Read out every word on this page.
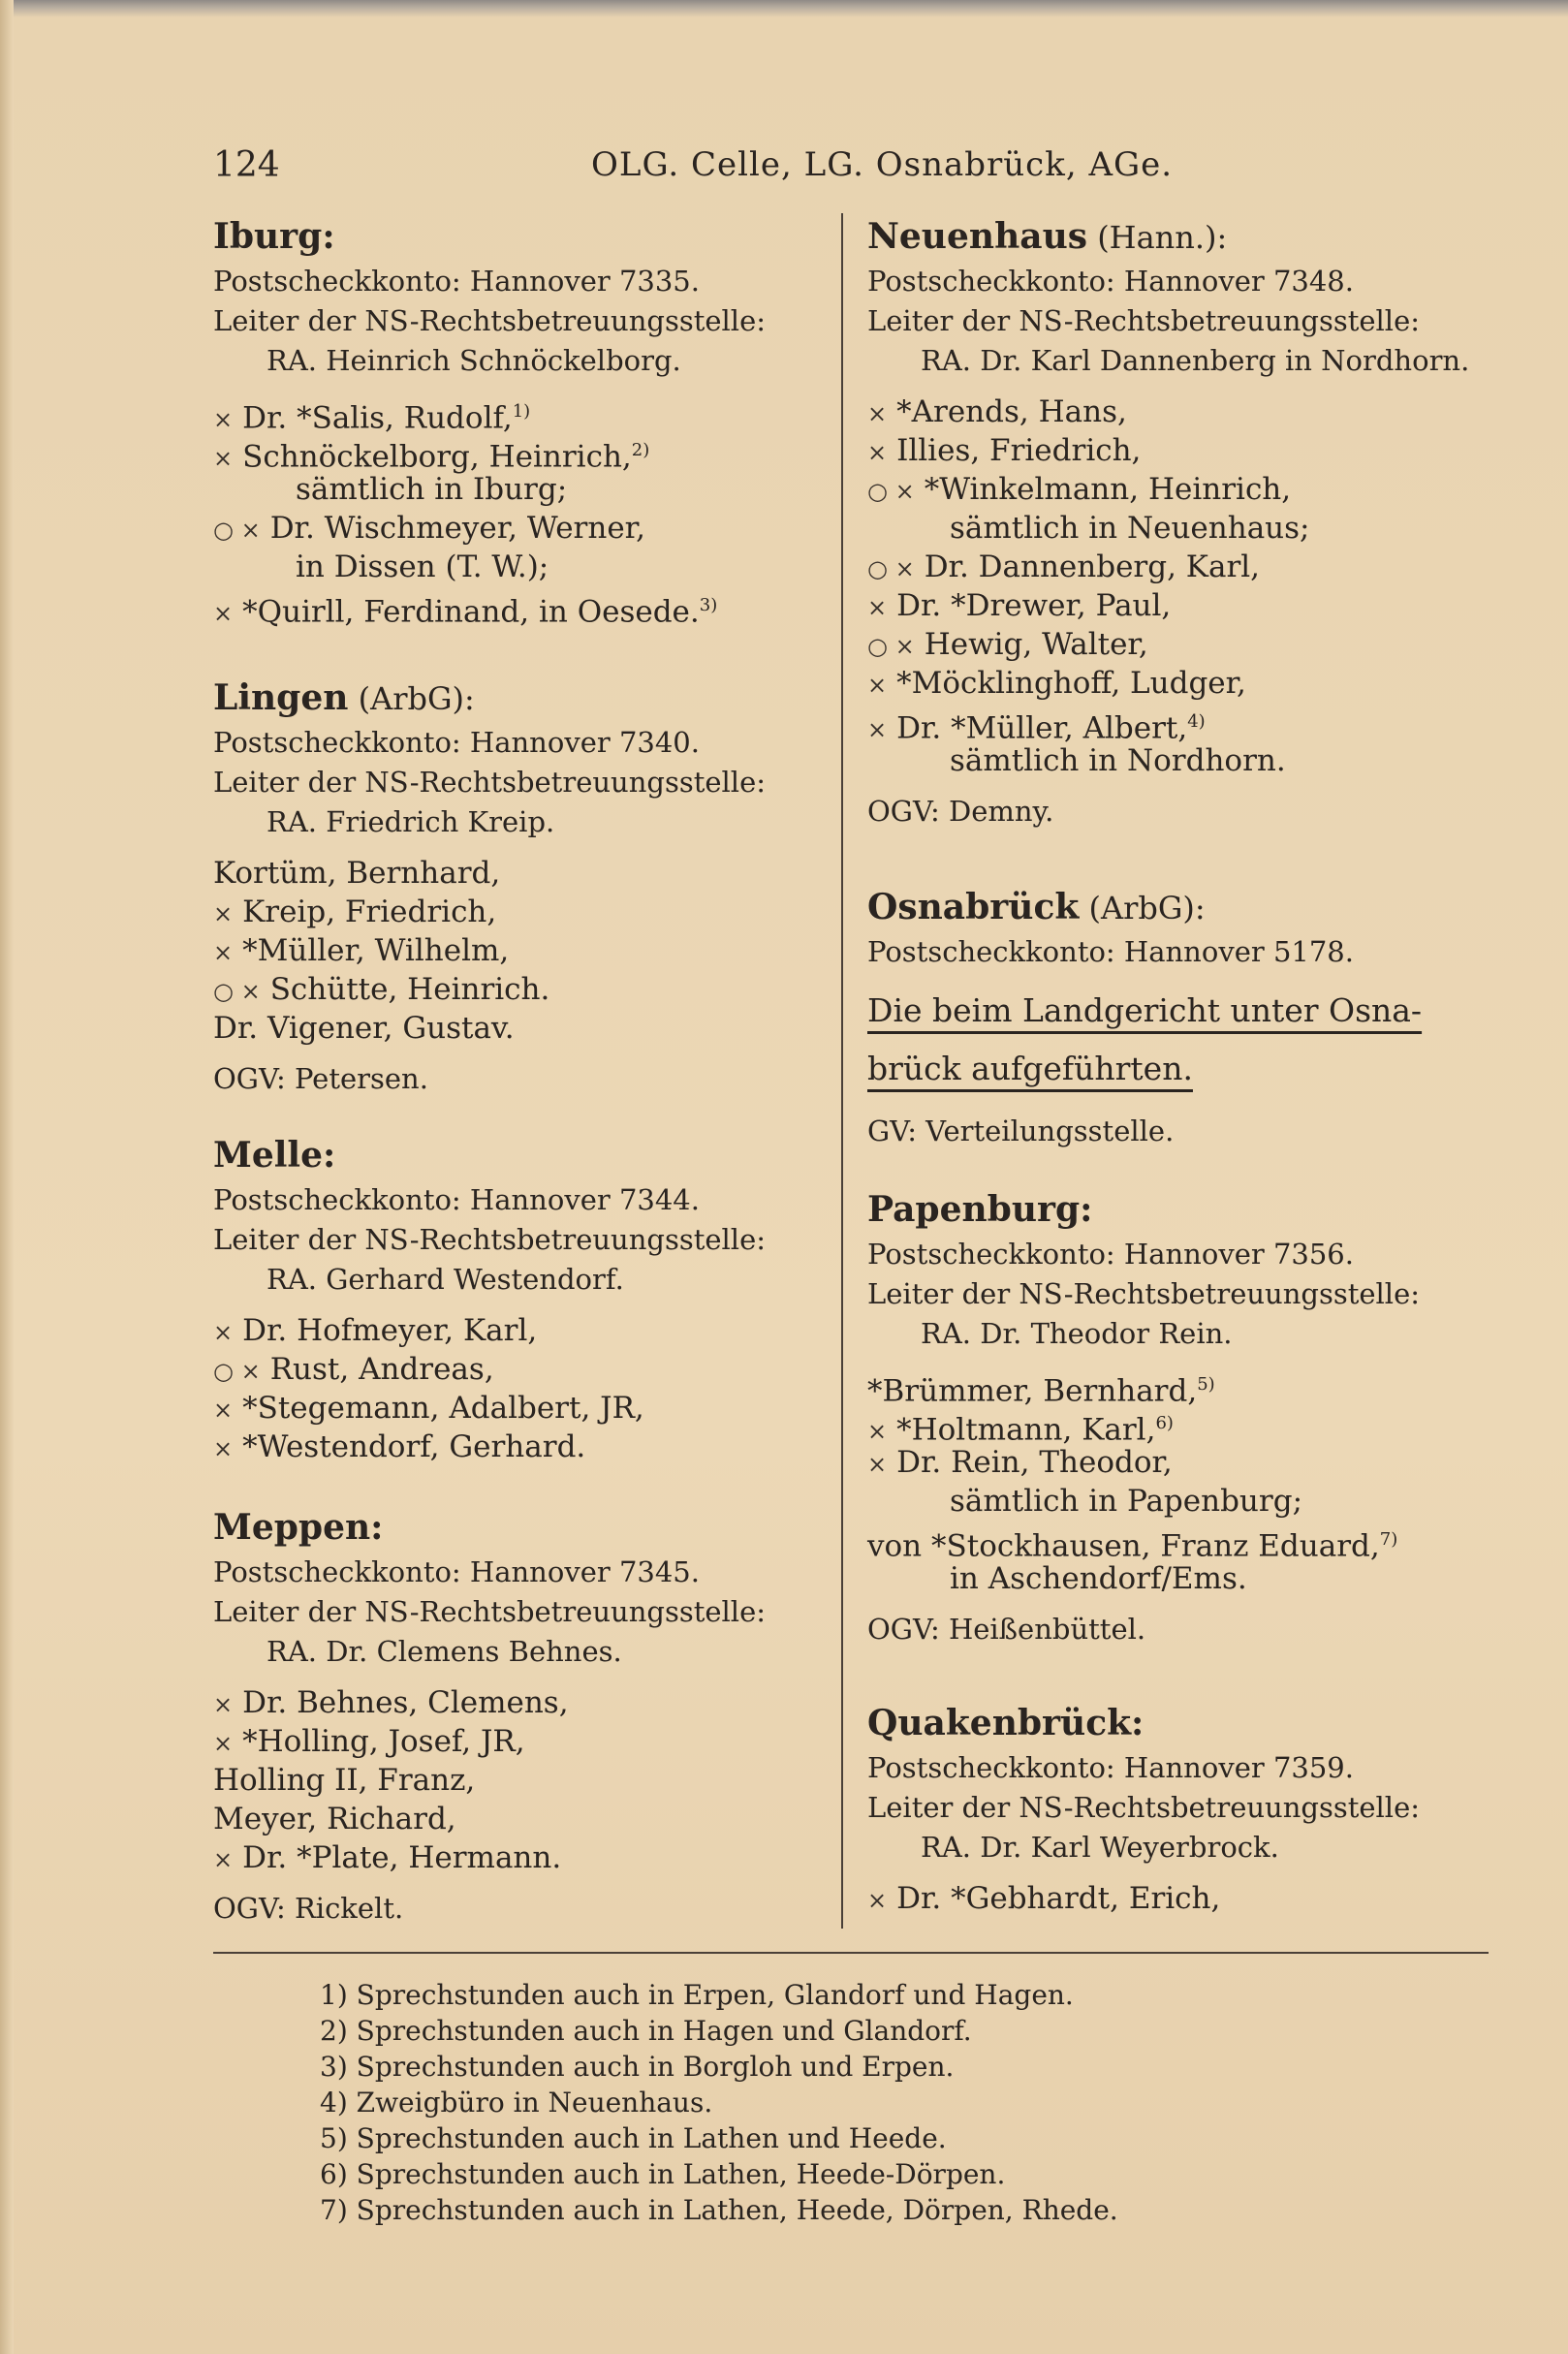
124	OLG. Celle, LG. Osnabrück, AGe.
Iburg:
Postscheckkonto: Hannover 7335.
Leiter der NS-Rechtsbetreuungsstelle:
RA. Heinrich Schnöckelborg.
× Dr. *Salis, Rudolf,$^{1)}$
× Schnöckelborg, Heinrich,$^{2)}$
sämtlich in Iburg;
○ × Dr. Wischmeyer, Werner,
in Dissen (T. W.);
× *Quirll, Ferdinand, in Oesede.$^{3)}$
Lingen (ArbG):
Postscheckkonto: Hannover 7340.
Leiter der NS-Rechtsbetreuungsstelle:
RA. Friedrich Kreip.
Kortüm, Bernhard,
× Kreip, Friedrich,
× *Müller, Wilhelm,
○ × Schütte, Heinrich.
Dr. Vigener, Gustav.
OGV: Petersen.
Melle:
Postscheckkonto: Hannover 7344.
Leiter der NS-Rechtsbetreuungsstelle:
RA. Gerhard Westendorf.
× Dr. Hofmeyer, Karl,
○ × Rust, Andreas,
× *Stegemann, Adalbert, JR,
× *Westendorf, Gerhard.
Meppen:
Postscheckkonto: Hannover 7345.
Leiter der NS-Rechtsbetreuungsstelle:
RA. Dr. Clemens Behnes.
× Dr. Behnes, Clemens,
× *Holling, Josef, JR,
Holling II, Franz,
Meyer, Richard,
× Dr. *Plate, Hermann.
OGV: Rickelt.
Neuenhaus (Hann.):
Postscheckkonto: Hannover 7348.
Leiter der NS-Rechtsbetreuungsstelle:
RA. Dr. Karl Dannenberg in Nordhorn.
× *Arends, Hans,
× Illies, Friedrich,
○ × *Winkelmann, Heinrich,
sämtlich in Neuenhaus;
○ × Dr. Dannenberg, Karl,
× Dr. *Drewer, Paul,
○ × Hewig, Walter,
× *Möcklinghoff, Ludger,
× Dr. *Müller, Albert,$^{4)}$
sämtlich in Nordhorn.
OGV: Demny.
Osnabrück (ArbG):
Postscheckkonto: Hannover 5178.
Die beim Landgericht unter Osna-
brück aufgeführten.
GV: Verteilungsstelle.
Papenburg:
Postscheckkonto: Hannover 7356.
Leiter der NS-Rechtsbetreuungsstelle:
RA. Dr. Theodor Rein.
*Brümmer, Bernhard,$^{5)}$
× *Holtmann, Karl,$^{6)}$
× Dr. Rein, Theodor,
sämtlich in Papenburg;
von *Stockhausen, Franz Eduard,$^{7)}$
in Aschendorf/Ems.
OGV: Heißenbüttel.
Quakenbrück:
Postscheckkonto: Hannover 7359.
Leiter der NS-Rechtsbetreuungsstelle:
RA. Dr. Karl Weyerbrock.
× Dr. *Gebhardt, Erich,
1) Sprechstunden auch in Erpen, Glandorf und Hagen.
2) Sprechstunden auch in Hagen und Glandorf.
3) Sprechstunden auch in Borgloh und Erpen.
4) Zweigbüro in Neuenhaus.
5) Sprechstunden auch in Lathen und Heede.
6) Sprechstunden auch in Lathen, Heede-Dörpen.
7) Sprechstunden auch in Lathen, Heede, Dörpen, Rhede.
